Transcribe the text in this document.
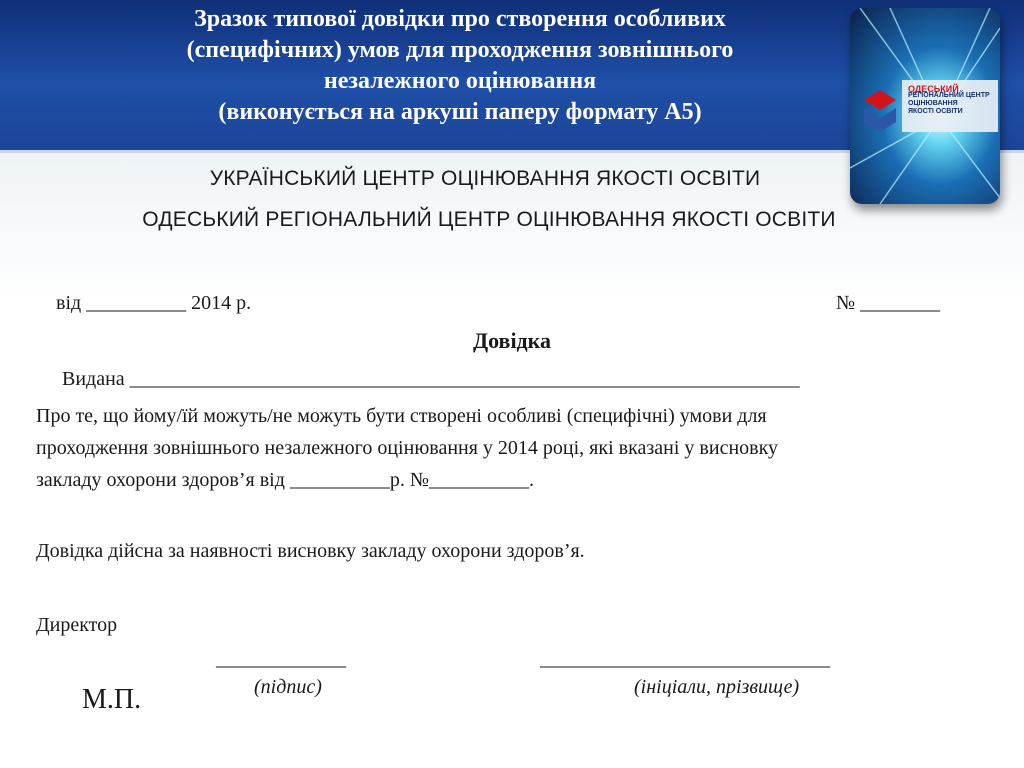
Зразок типової довідки про створення особливих
(специфічних) умов для проходження зовнішнього
незалежного оцінювання
(виконується на аркуші паперу формату А5)
ОДЕСЬКИЙ
РЕГІОНАЛЬНИЙ ЦЕНТР
ОЦІНЮВАННЯ
ЯКОСТІ ОСВІТИ
УКРАЇНСЬКИЙ ЦЕНТР ОЦІНЮВАННЯ ЯКОСТІ ОСВІТИ
ОДЕСЬКИЙ РЕГІОНАЛЬНИЙ ЦЕНТР ОЦІНЮВАННЯ ЯКОСТІ ОСВІТИ
від __________ 2014 р.	№ ________
Довідка
Видана ___________________________________________________________________
Про те, що йому/їй можуть/не можуть бути створені особливі (специфічні) умови для
проходження зовнішнього незалежного оцінювання у 2014 році, які вказані у висновку
закладу охорони здоров’я від __________р. №__________.
Довідка дійсна за наявності висновку закладу охорони здоров’я.
Директор
_____________	_____________________________
(підпис)	(ініціали, прізвище)
М.П.
